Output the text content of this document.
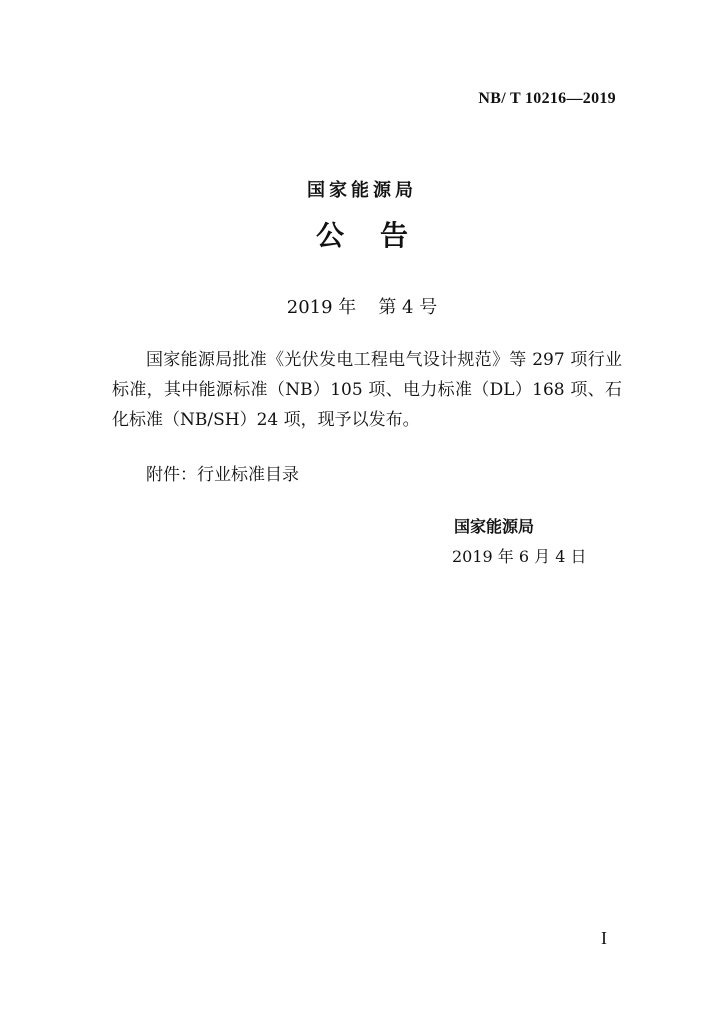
NB/ T 10216—2019
国家能源局
公告
2019 年 第 4 号

国家能源局批准《光伏发电工程电气设计规范》等 297 项行业标准，其中能源标准（NB）105 项、电力标准（DL）168 项、石化标准（NB/SH）24 项，现予以发布。

附件：行业标准目录
国家能源局
2019 年 6 月 4 日
I
